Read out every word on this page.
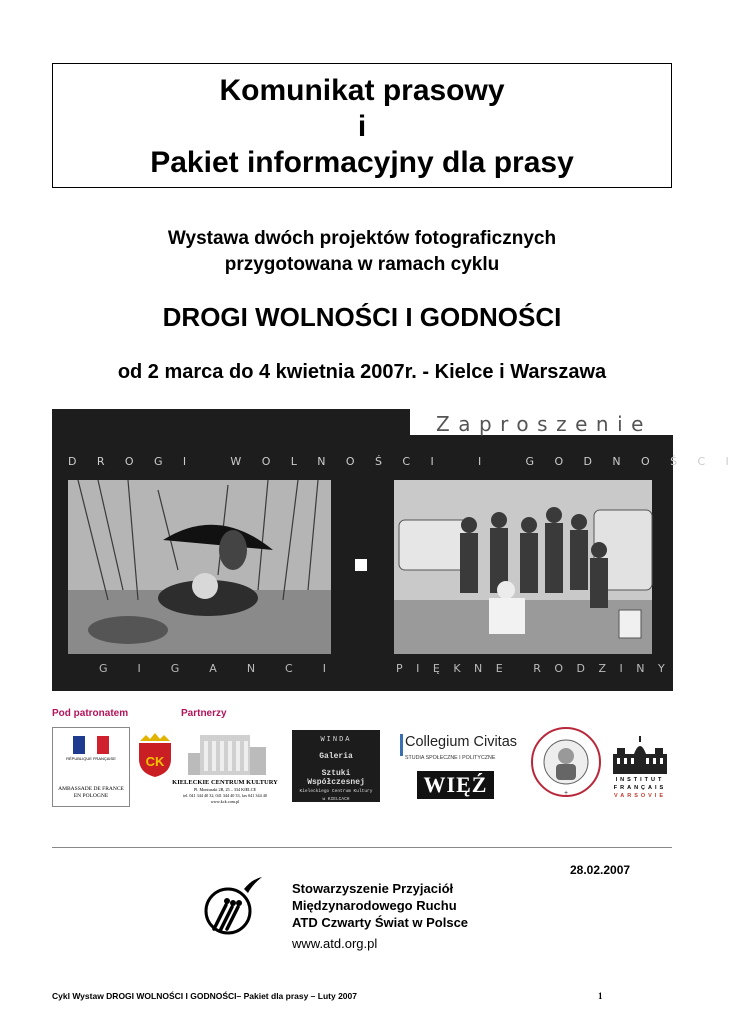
Komunikat prasowy
i
Pakiet informacyjny dla prasy
Wystawa dwóch projektów fotograficznych
przygotowana w ramach cyklu
DROGI WOLNOŚCI I GODNOŚCI
od 2 marca do 4 kwietnia 2007r. - Kielce i Warszawa
Zaproszenie
DROGI WOLNOŚCI I GODNOŚCI
GIGANCI	PIĘKNE RODZINY
Pod patronatem	Partnerzy
RÉPUBLIQUE FRANÇAISE
AMBASSADE DE FRANCE
EN POLOGNE
CK
KIELECKIE CENTRUM KULTURY
Pl. Moniuszki 2B, 25 – 334 KIELCE
tel. 041 344 40 32, 041 344 40 33, fax 041 344 40
www.kck.com.pl
WINDA
Galeria
Sztuki Współczesnej
Kieleckiego Centrum Kultury
w KIELCACH
Collegium Civitas
STUDIA SPOŁECZNE I POLITYCZNE
WIĘŹ	+
INSTITUT
FRANÇAIS
VARSOVIE
28.02.2007
Stowarzyszenie Przyjaciół
Międzynarodowego Ruchu
ATD Czwarty Świat w Polsce
www.atd.org.pl
Cykl Wystaw DROGI WOLNOŚCI I GODNOŚCI– Pakiet dla prasy – Luty 2007	1
